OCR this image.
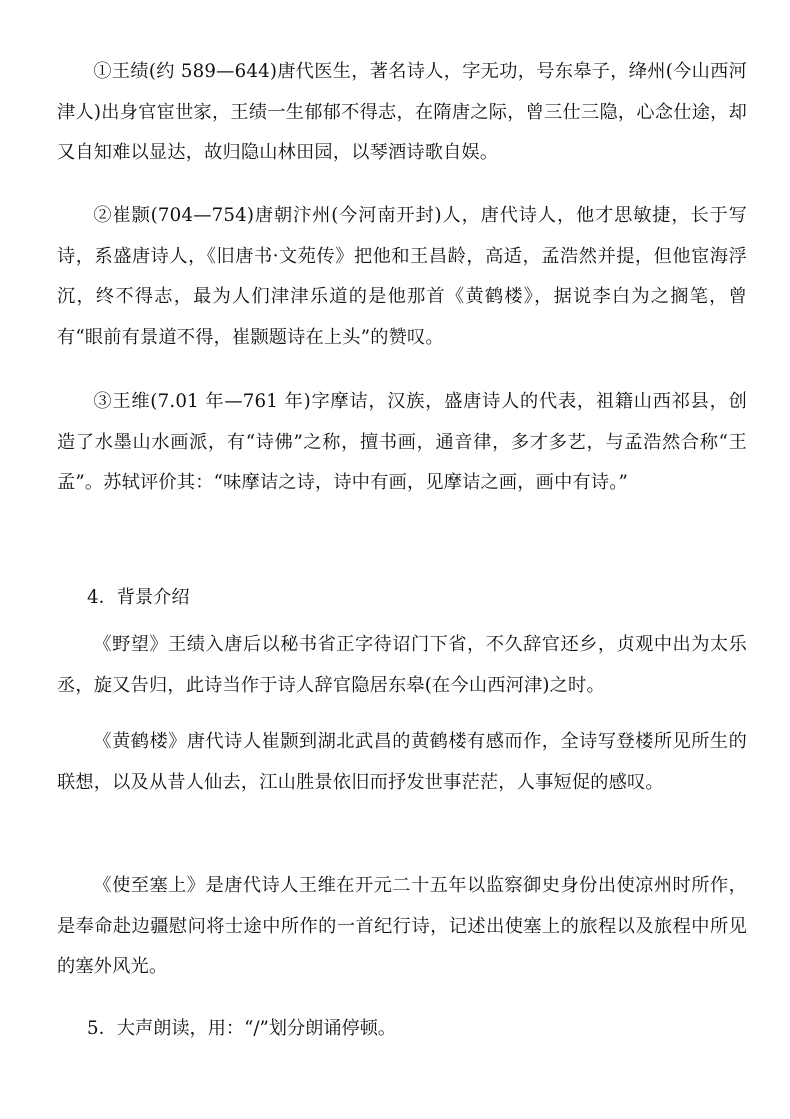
①王绩(约 589—644)唐代医生，著名诗人，字无功，号东皋子，绛州(今山西河津人)出身官宦世家，王绩一生郁郁不得志，在隋唐之际，曾三仕三隐，心念仕途，却又自知难以显达，故归隐山林田园，以琴酒诗歌自娱。

②崔颢(704—754)唐朝汴州(今河南开封)人，唐代诗人，他才思敏捷，长于写诗，系盛唐诗人，《旧唐书·文苑传》把他和王昌龄，高适，孟浩然并提，但他宦海浮沉，终不得志，最为人们津津乐道的是他那首《黄鹤楼》，据说李白为之搁笔，曾有“眼前有景道不得，崔颢题诗在上头”的赞叹。

③王维(7.01 年—761 年)字摩诘，汉族，盛唐诗人的代表，祖籍山西祁县，创造了水墨山水画派，有“诗佛”之称，擅书画，通音律，多才多艺，与孟浩然合称“王孟”。苏轼评价其：“味摩诘之诗，诗中有画，见摩诘之画，画中有诗。”

4．背景介绍

《野望》王绩入唐后以秘书省正字待诏门下省，不久辞官还乡，贞观中出为太乐丞，旋又告归，此诗当作于诗人辞官隐居东皋(在今山西河津)之时。

《黄鹤楼》唐代诗人崔颢到湖北武昌的黄鹤楼有感而作，全诗写登楼所见所生的联想，以及从昔人仙去，江山胜景依旧而抒发世事茫茫，人事短促的感叹。

《使至塞上》是唐代诗人王维在开元二十五年以监察御史身份出使凉州时所作，是奉命赴边疆慰问将士途中所作的一首纪行诗，记述出使塞上的旅程以及旅程中所见的塞外风光。

5．大声朗读，用：“/”划分朗诵停顿。
